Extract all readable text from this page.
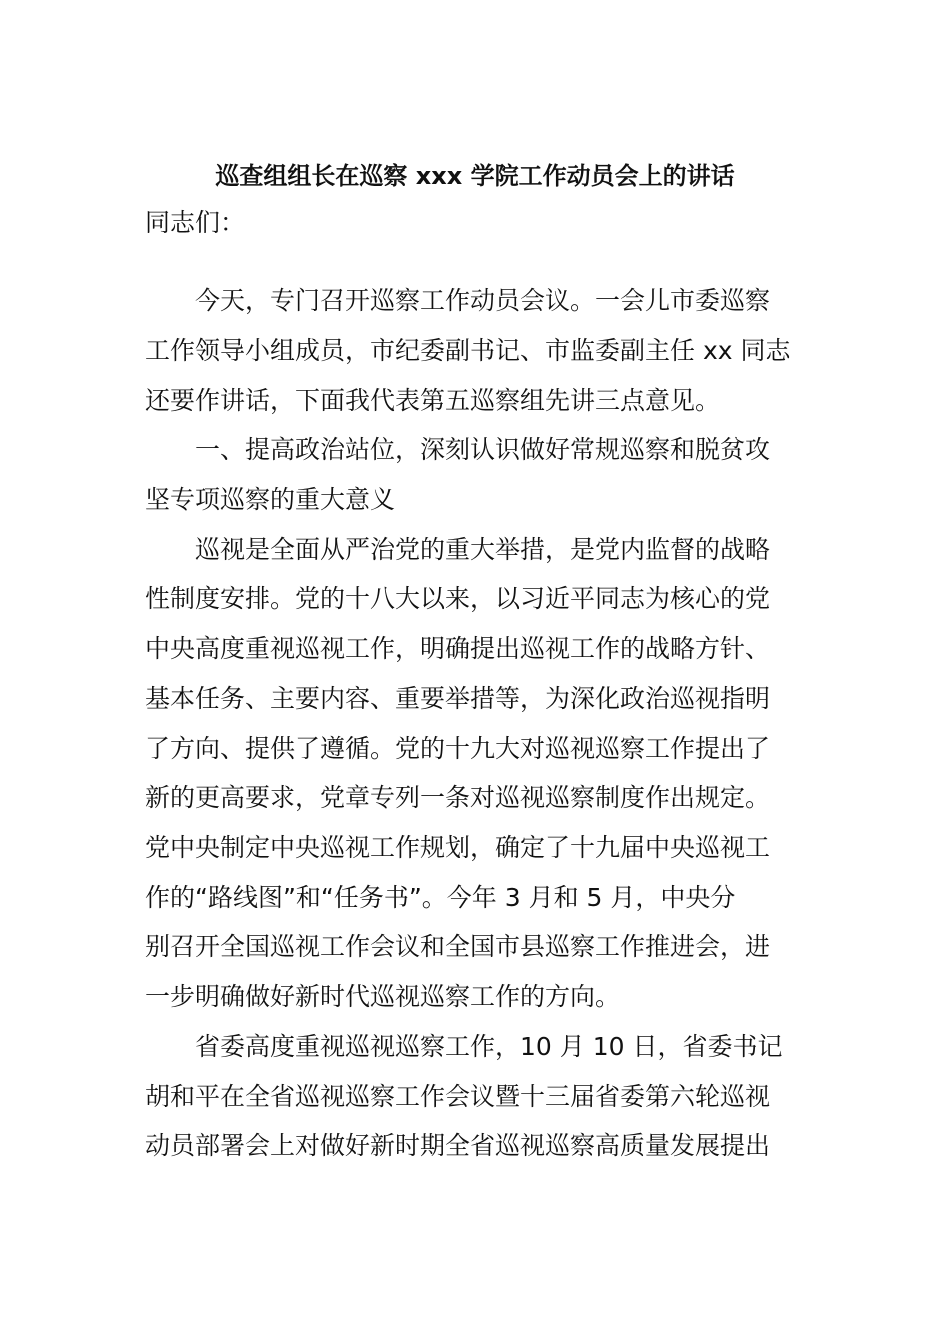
巡查组组长在巡察 xxx 学院工作动员会上的讲话
同志们：
今天，专门召开巡察工作动员会议。一会儿市委巡察
工作领导小组成员，市纪委副书记、市监委副主任 xx 同志
还要作讲话，下面我代表第五巡察组先讲三点意见。
一、提高政治站位，深刻认识做好常规巡察和脱贫攻
坚专项巡察的重大意义
巡视是全面从严治党的重大举措，是党内监督的战略
性制度安排。党的十八大以来，以习近平同志为核心的党
中央高度重视巡视工作，明确提出巡视工作的战略方针、
基本任务、主要内容、重要举措等，为深化政治巡视指明
了方向、提供了遵循。党的十九大对巡视巡察工作提出了
新的更高要求，党章专列一条对巡视巡察制度作出规定。
党中央制定中央巡视工作规划，确定了十九届中央巡视工
作的“路线图”和“任务书”。今年 3 月和 5 月，中央分
别召开全国巡视工作会议和全国市县巡察工作推进会，进
一步明确做好新时代巡视巡察工作的方向。
省委高度重视巡视巡察工作，10 月 10 日，省委书记
胡和平在全省巡视巡察工作会议暨十三届省委第六轮巡视
动员部署会上对做好新时期全省巡视巡察高质量发展提出
